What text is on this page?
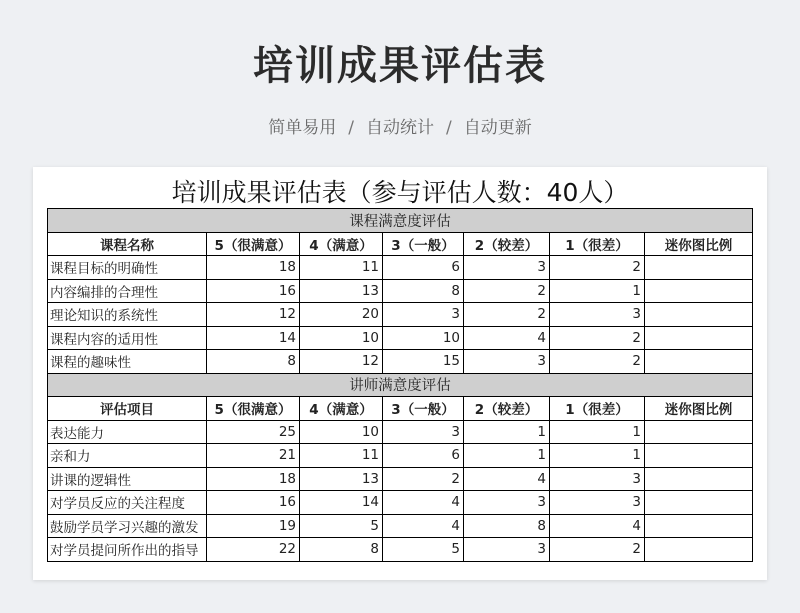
培训成果评估表
简单易用 / 自动统计 / 自动更新
培训成果评估表（参与评估人数：40人）
课程满意度评估						
课程名称	5（很满意）	4（满意）	3（一般）	2（较差）	1（很差）	迷你图比例
课程目标的明确性	18	11	6	3	2	
内容编排的合理性	16	13	8	2	1	
理论知识的系统性	12	20	3	2	3	
课程内容的适用性	14	10	10	4	2	
课程的趣味性	8	12	15	3	2	
讲师满意度评估						
评估项目	5（很满意）	4（满意）	3（一般）	2（较差）	1（很差）	迷你图比例
表达能力	25	10	3	1	1	
亲和力	21	11	6	1	1	
讲课的逻辑性	18	13	2	4	3	
对学员反应的关注程度	16	14	4	3	3	
鼓励学员学习兴趣的激发	19	5	4	8	4	
对学员提问所作出的指导	22	8	5	3	2	
